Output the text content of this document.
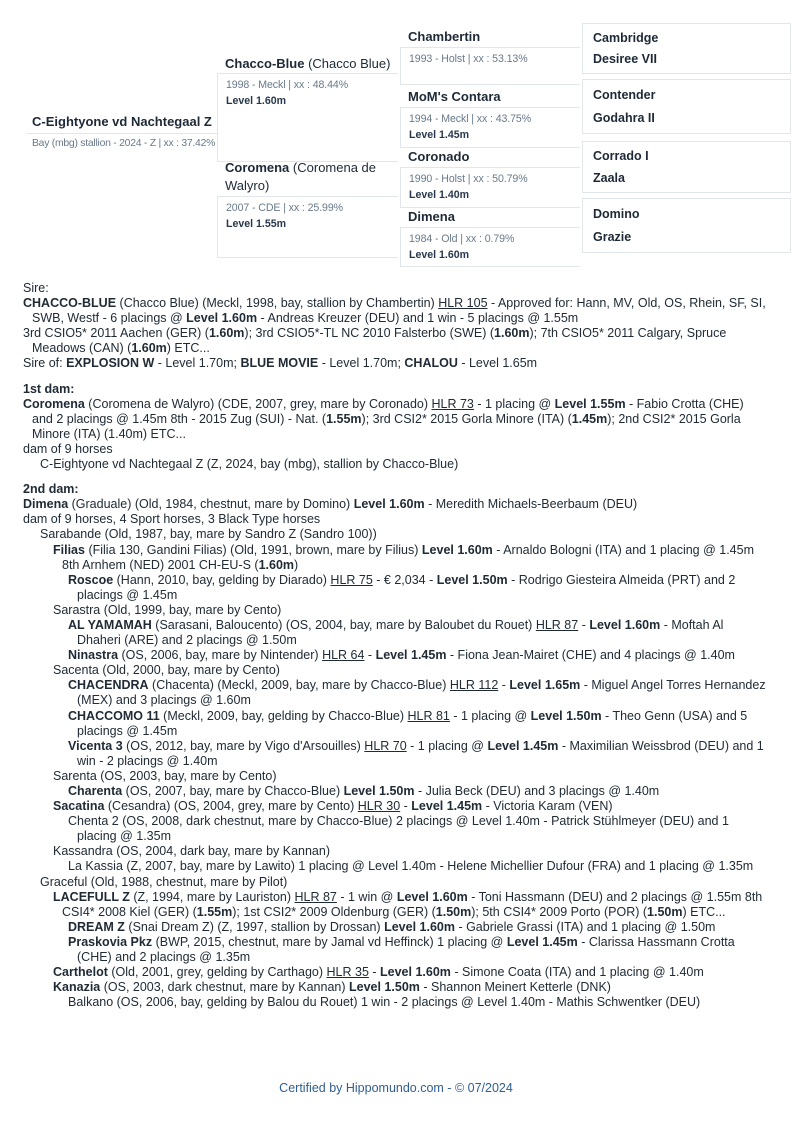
C-Eightyone vd Nachtegaal Z
Bay (mbg) stallion - 2024 - Z | xx : 37.42%
Chacco-Blue (Chacco Blue)
1998 - Meckl | xx : 48.44%
Level 1.60m
Coromena (Coromena de Walyro)
2007 - CDE | xx : 25.99%
Level 1.55m
Chambertin
1993 - Holst | xx : 53.13%
MoM's Contara
1994 - Meckl | xx : 43.75%
Level 1.45m
Coronado
1990 - Holst | xx : 50.79%
Level 1.40m
Dimena
1984 - Old | xx : 0.79%
Level 1.60m
Cambridge
Desiree VII
Contender
Godahra II
Corrado I
Zaala
Domino
Grazie
Sire:
CHACCO-BLUE (Chacco Blue) (Meckl, 1998, bay, stallion by Chambertin) HLR 105 - Approved for: Hann, MV, Old, OS, Rhein, SF, SI, SWB, Westf - 6 placings @ Level 1.60m - Andreas Kreuzer (DEU) and 1 win - 5 placings @ 1.55m
3rd CSIO5* 2011 Aachen (GER) (1.60m); 3rd CSIO5*-TL NC 2010 Falsterbo (SWE) (1.60m); 7th CSIO5* 2011 Calgary, Spruce Meadows (CAN) (1.60m) ETC...
Sire of: EXPLOSION W - Level 1.70m; BLUE MOVIE - Level 1.70m; CHALOU - Level 1.65m
1st dam:
Coromena (Coromena de Walyro) (CDE, 2007, grey, mare by Coronado) HLR 73 - 1 placing @ Level 1.55m - Fabio Crotta (CHE) and 2 placings @ 1.45m 8th - 2015 Zug (SUI) - Nat. (1.55m); 3rd CSI2* 2015 Gorla Minore (ITA) (1.45m); 2nd CSI2* 2015 Gorla Minore (ITA) (1.40m) ETC...
dam of 9 horses
C-Eightyone vd Nachtegaal Z (Z, 2024, bay (mbg), stallion by Chacco-Blue)
2nd dam:
Dimena (Graduale) (Old, 1984, chestnut, mare by Domino) Level 1.60m - Meredith Michaels-Beerbaum (DEU)
dam of 9 horses, 4 Sport horses, 3 Black Type horses
Sarabande (Old, 1987, bay, mare by Sandro Z (Sandro 100))
Filias (Filia 130, Gandini Filias) (Old, 1991, brown, mare by Filius) Level 1.60m - Arnaldo Bologni (ITA) and 1 placing @ 1.45m 8th Arnhem (NED) 2001 CH-EU-S (1.60m)
Roscoe (Hann, 2010, bay, gelding by Diarado) HLR 75 - € 2,034 - Level 1.50m - Rodrigo Giesteira Almeida (PRT) and 2 placings @ 1.45m
Sarastra (Old, 1999, bay, mare by Cento)
AL YAMAMAH (Sarasani, Baloucento) (OS, 2004, bay, mare by Baloubet du Rouet) HLR 87 - Level 1.60m - Moftah Al Dhaheri (ARE) and 2 placings @ 1.50m
Ninastra (OS, 2006, bay, mare by Nintender) HLR 64 - Level 1.45m - Fiona Jean-Mairet (CHE) and 4 placings @ 1.40m
Sacenta (Old, 2000, bay, mare by Cento)
CHACENDRA (Chacenta) (Meckl, 2009, bay, mare by Chacco-Blue) HLR 112 - Level 1.65m - Miguel Angel Torres Hernandez (MEX) and 3 placings @ 1.60m
CHACCOMO 11 (Meckl, 2009, bay, gelding by Chacco-Blue) HLR 81 - 1 placing @ Level 1.50m - Theo Genn (USA) and 5 placings @ 1.45m
Vicenta 3 (OS, 2012, bay, mare by Vigo d'Arsouilles) HLR 70 - 1 placing @ Level 1.45m - Maximilian Weissbrod (DEU) and 1 win - 2 placings @ 1.40m
Sarenta (OS, 2003, bay, mare by Cento)
Charenta (OS, 2007, bay, mare by Chacco-Blue) Level 1.50m - Julia Beck (DEU) and 3 placings @ 1.40m
Sacatina (Cesandra) (OS, 2004, grey, mare by Cento) HLR 30 - Level 1.45m - Victoria Karam (VEN)
Chenta 2 (OS, 2008, dark chestnut, mare by Chacco-Blue) 2 placings @ Level 1.40m - Patrick Stühlmeyer (DEU) and 1 placing @ 1.35m
Kassandra (OS, 2004, dark bay, mare by Kannan)
La Kassia (Z, 2007, bay, mare by Lawito) 1 placing @ Level 1.40m - Helene Michellier Dufour (FRA) and 1 placing @ 1.35m
Graceful (Old, 1988, chestnut, mare by Pilot)
LACEFULL Z (Z, 1994, mare by Lauriston) HLR 87 - 1 win @ Level 1.60m - Toni Hassmann (DEU) and 2 placings @ 1.55m 8th CSI4* 2008 Kiel (GER) (1.55m); 1st CSI2* 2009 Oldenburg (GER) (1.50m); 5th CSI4* 2009 Porto (POR) (1.50m) ETC...
DREAM Z (Snai Dream Z) (Z, 1997, stallion by Drossan) Level 1.60m - Gabriele Grassi (ITA) and 1 placing @ 1.50m
Praskovia Pkz (BWP, 2015, chestnut, mare by Jamal vd Heffinck) 1 placing @ Level 1.45m - Clarissa Hassmann Crotta (CHE) and 2 placings @ 1.35m
Carthelot (Old, 2001, grey, gelding by Carthago) HLR 35 - Level 1.60m - Simone Coata (ITA) and 1 placing @ 1.40m
Kanazia (OS, 2003, dark chestnut, mare by Kannan) Level 1.50m - Shannon Meinert Ketterle (DNK)
Balkano (OS, 2006, bay, gelding by Balou du Rouet) 1 win - 2 placings @ Level 1.40m - Mathis Schwentker (DEU)
Certified by Hippomundo.com - © 07/2024
